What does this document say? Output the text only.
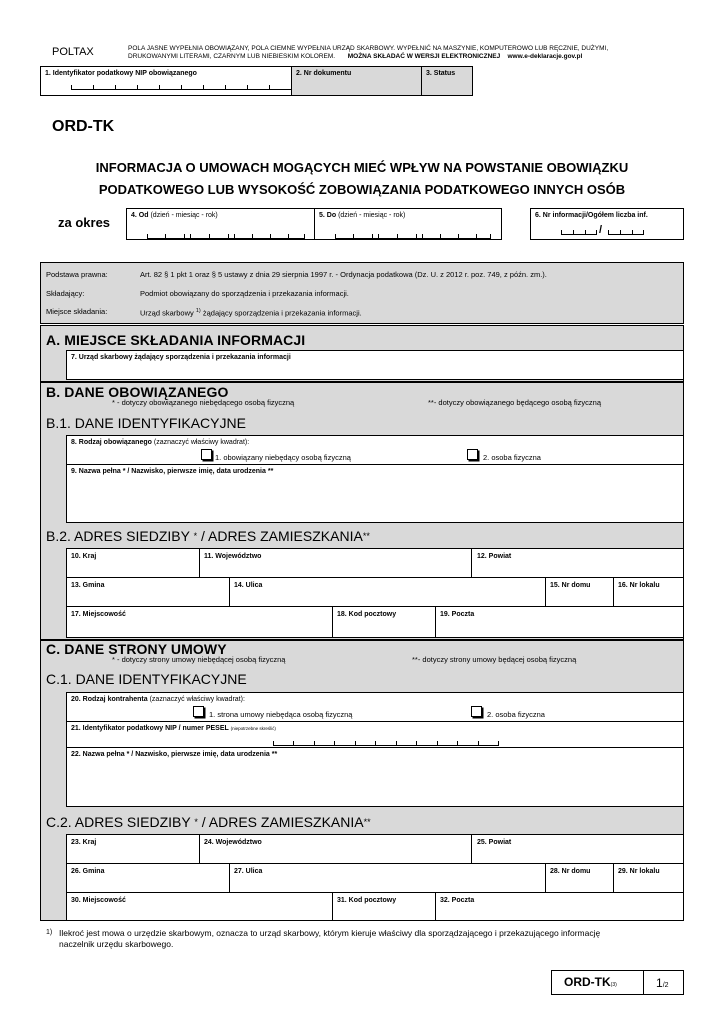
POLTAX	POLA JASNE WYPEŁNIA OBOWIĄZANY, POLA CIEMNE WYPEŁNIA URZĄD SKARBOWY. WYPEŁNIĆ NA MASZYNIE, KOMPUTEROWO LUB RĘCZNIE, DUŻYMI,
DRUKOWANYMI LITERAMI, CZARNYM LUB NIEBIESKIM KOLOREM. MOŻNA SKŁADAĆ W WERSJI ELEKTRONICZNEJ www.e-deklaracje.gov.pl
1. Identyfikator podatkowy NIP obowiązanego	2. Nr dokumentu	3. Status
ORD-TK
INFORMACJA O UMOWACH MOGĄCYCH MIEĆ WPŁYW NA POWSTANIE OBOWIĄZKU
PODATKOWEGO LUB WYSOKOŚĆ ZOBOWIĄZANIA PODATKOWEGO INNYCH OSÓB
za okres	4. Od (dzień - miesiąc - rok)	5. Do (dzień - miesiąc - rok)	6. Nr informacji/Ogółem liczba inf.
/
Podstawa prawna:	Art. 82 § 1 pkt 1 oraz § 5 ustawy z dnia 29 sierpnia 1997 r. - Ordynacja podatkowa (Dz. U. z 2012 r. poz. 749, z późn. zm.).
Składający:	Podmiot obowiązany do sporządzenia i przekazania informacji.
Miejsce składania:	Urząd skarbowy $^{1)}$ żądający sporządzenia i przekazania informacji.
A. MIEJSCE SKŁADANIA INFORMACJI
7. Urząd skarbowy żądający sporządzenia i przekazania informacji
B. DANE OBOWIĄZANEGO
* - dotyczy obowiązanego niebędącego osobą fizyczną	**- dotyczy obowiązanego będącego osobą fizyczną
B.1. DANE IDENTYFIKACYJNE
8. Rodzaj obowiązanego (zaznaczyć właściwy kwadrat):
1. obowiązany niebędący osobą fizyczną	2. osoba fizyczna
9. Nazwa pełna * / Nazwisko, pierwsze imię, data urodzenia **
B.2. ADRES SIEDZIBY * / ADRES ZAMIESZKANIA**
10. Kraj	11. Województwo	12. Powiat
13. Gmina	14. Ulica	15. Nr domu	16. Nr lokalu
17. Miejscowość	18. Kod pocztowy	19. Poczta
C. DANE STRONY UMOWY
* - dotyczy strony umowy niebędącej osobą fizyczną	**- dotyczy strony umowy będącej osobą fizyczną
C.1. DANE IDENTYFIKACYJNE
20. Rodzaj kontrahenta (zaznaczyć właściwy kwadrat):
1. strona umowy niebędąca osobą fizyczną	2. osoba fizyczna
21. Identyfikator podatkowy NIP / numer PESEL (niepotrzebne skreślić)
22. Nazwa pełna * / Nazwisko, pierwsze imię, data urodzenia **
C.2. ADRES SIEDZIBY * / ADRES ZAMIESZKANIA**
23. Kraj	24. Województwo	25. Powiat
26. Gmina	27. Ulica	28. Nr domu	29. Nr lokalu
30. Miejscowość	31. Kod pocztowy	32. Poczta
1) Ilekroć jest mowa o urzędzie skarbowym, oznacza to urząd skarbowy, którym kieruje właściwy dla sporządzającego i przekazującego informację
naczelnik urzędu skarbowego.
ORD-TK(3)	1/2
